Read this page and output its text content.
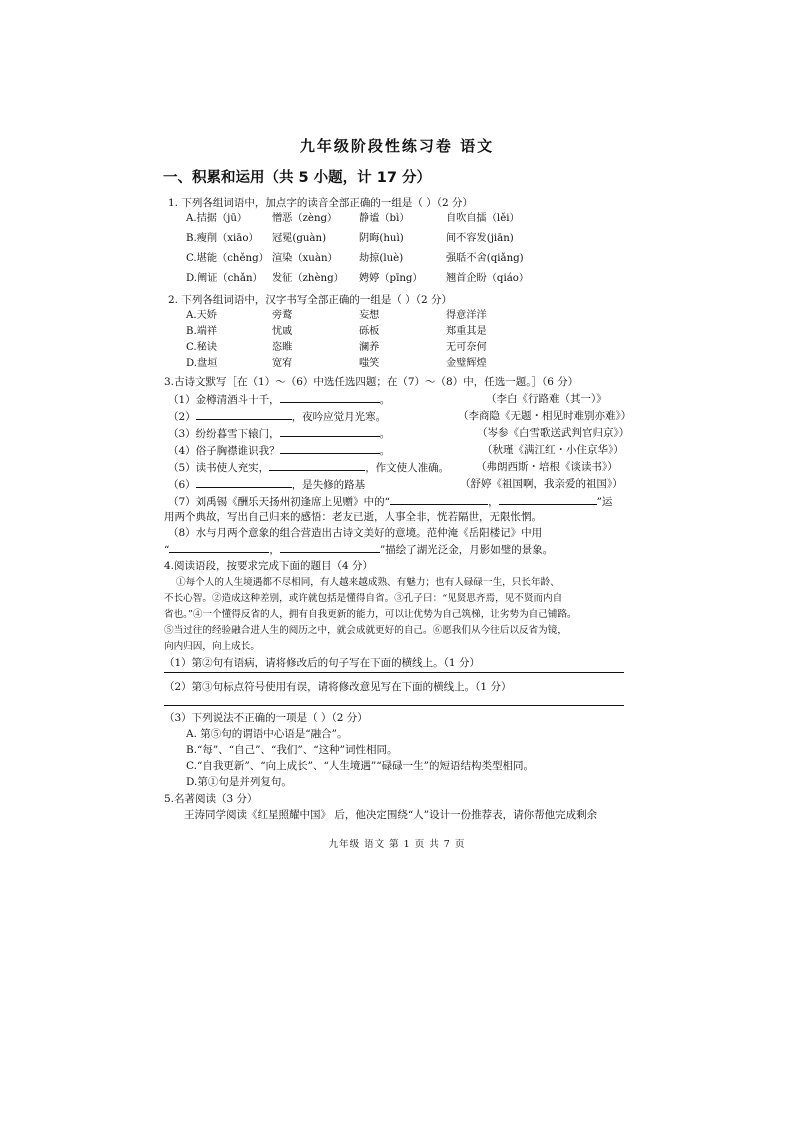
九年级阶段性练习卷 语文
一、积累和运用（共 5 小题，计 17 分）
1. 下列各组词语中，加点字的读音全部正确的一组是（ ）（2 分）
A.拮据（jū） 憎恶（zèng） 静谧（bì）	自吹自擂（lěi）
B.瘦削（xiāo） 冠冕(guàn)	阴晦(huì)	间不容发(jiān)
C.堪能（chěng） 渲染（xuàn） 劫掠(luè)	强聒不舍(qiǎng)
D.阐证（chǎn） 发征（zhèng） 娉婷（pīng） 翘首企盼（qiáo）
2. 下列各组词语中，汉字书写全部正确的一组是（ ）（2 分）
A.天娇	旁鹜	妄想	得意洋洋
B.端祥	忧戚	砾板	郑重其是
C.秘诀	恣睢	澜养	无可奈何
D.盘垣	宽宥	嗤笑	金璧辉煌
3.古诗文默写［在（1）～（6）中选任选四题；在（7）～（8）中，任选一题。］（6 分）
（1）金樽清酒斗十千，	。	（李白《行路难（其一）》
（2）	，夜吟应觉月光寒。	（李商隐《无题・相见时难别亦难》）
（3）纷纷暮雪下辕门，	。	（岑参《白雪歌送武判官归京》）
（4）俗子胸襟谁识我？	。	（秋瑾《满江红・小住京华》）
（5）读书使人充实，	，作文使人准确。	（弗朗西斯・培根《谈读书》）
（6）	，是失修的路基	（舒婷《祖国啊，我亲爱的祖国》）
（7）刘禹锡《酬乐天扬州初逢席上见赠》中的“	，	”运
用两个典故，写出自己归来的感悟：老友已逝，人事全非，恍若隔世，无限怅惘。
（8）水与月两个意象的组合营造出古诗文美好的意境。范仲淹《岳阳楼记》中用
“	，	”描绘了湖光泛金，月影如璧的景象。
4.阅读语段，按要求完成下面的题目（4 分）
①每个人的人生境遇都不尽相同，有人越来越成熟、有魅力；也有人碌碌一生，只长年龄、
不长心智。②造成这种差别，或许就包括是懂得自省。③孔子曰：“见贤思齐焉，见不贤而内自
省也。”④一个懂得反省的人，拥有自我更新的能力，可以让优势为自己筑梯，让劣势为自己铺路。
⑤当过往的经验融合进人生的阅历之中，就会成就更好的自己。⑥愿我们从今往后以反省为镜，
向内归因，向上成长。
（1）第②句有语病，请将修改后的句子写在下面的横线上。（1 分）
（2）第③句标点符号使用有误，请将修改意见写在下面的横线上。（1 分）
（3）下列说法不正确的一项是（ ）（2 分）
A. 第⑤句的谓语中心语是“融合”。
B.“每”、“自己”、“我们”、“这种”词性相同。
C.“自我更新”、“向上成长”、“人生境遇”“碌碌一生”的短语结构类型相同。
D.第①句是并列复句。
5.名著阅读（3 分）
王涛同学阅读《红星照耀中国》 后，他决定围绕“人”设计一份推荐表，请你帮他完成剩余
九年级 语文 第 1 页 共 7 页
